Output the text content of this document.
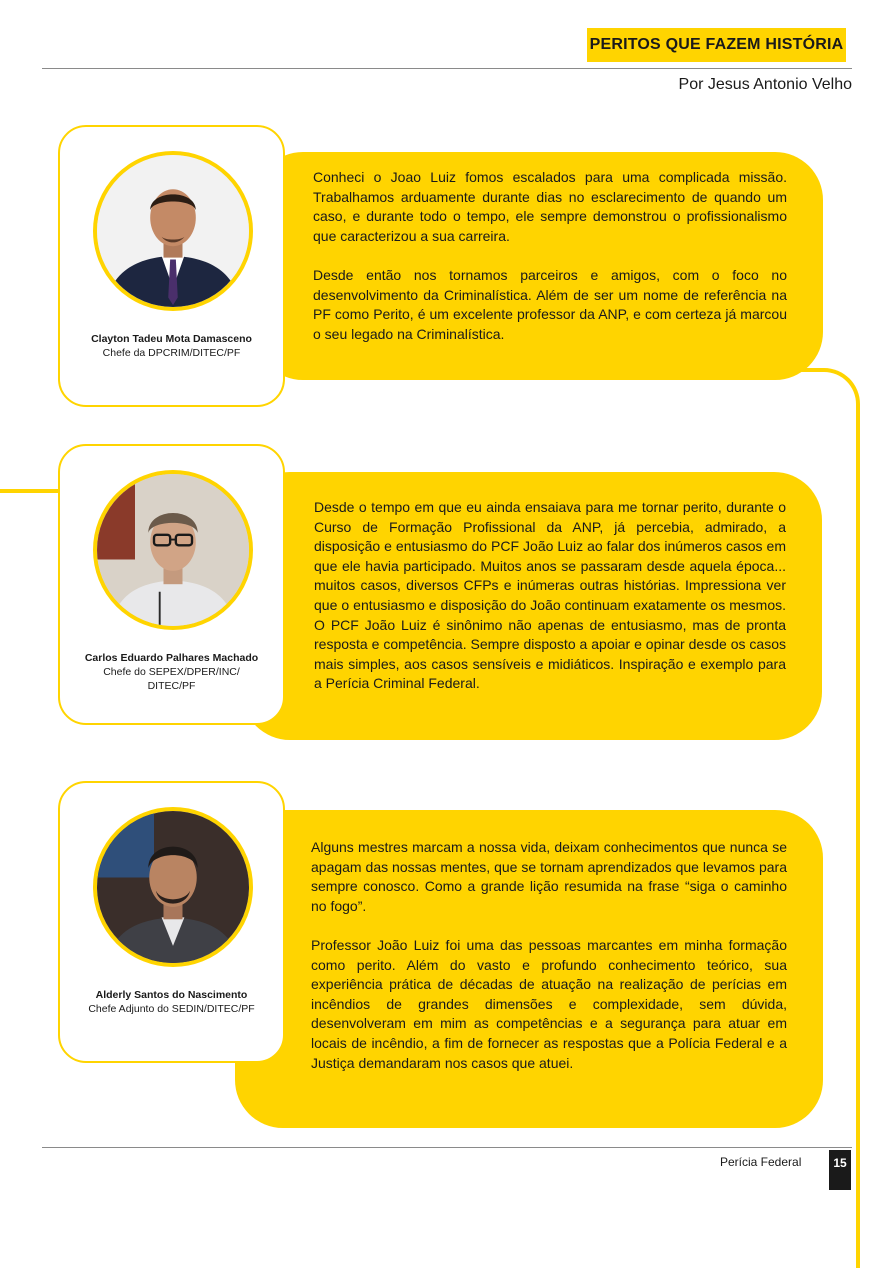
PERITOS QUE FAZEM HISTÓRIA
Por Jesus Antonio Velho

Conheci o Joao Luiz fomos escalados para uma complicada missão. Trabalhamos arduamente durante dias no esclarecimento de quando um caso, e durante todo o tempo, ele sempre demonstrou o profissionalismo que caracterizou a sua carreira.

Desde então nos tornamos parceiros e amigos, com o foco no desenvolvimento da Criminalística. Além de ser um nome de referência na PF como Perito, é um excelente professor da ANP, e com certeza já marcou o seu legado na Criminalística.

Clayton Tadeu Mota Damasceno
Chefe da DPCRIM/DITEC/PF

Desde o tempo em que eu ainda ensaiava para me tornar perito, durante o Curso de Formação Profissional da ANP, já percebia, admirado, a disposição e entusiasmo do PCF João Luiz ao falar dos inúmeros casos em que ele havia participado. Muitos anos se passaram desde aquela época... muitos casos, diversos CFPs e inúmeras outras histórias. Impressiona ver que o entusiasmo e disposição do João continuam exatamente os mesmos. O PCF João Luiz é sinônimo não apenas de entusiasmo, mas de pronta resposta e competência. Sempre disposto a apoiar e opinar desde os casos mais simples, aos casos sensíveis e midiáticos. Inspiração e exemplo para a Perícia Criminal Federal.

Carlos Eduardo Palhares Machado
Chefe do SEPEX/DPER/INC/ DITEC/PF

Alguns mestres marcam a nossa vida, deixam conhecimentos que nunca se apagam das nossas mentes, que se tornam aprendizados que levamos para sempre conosco. Como a grande lição resumida na frase “siga o caminho no fogo”.

Professor João Luiz foi uma das pessoas marcantes em minha formação como perito. Além do vasto e profundo conhecimento teórico, sua experiência prática de décadas de atuação na realização de perícias em incêndios de grandes dimensões e complexidade, sem dúvida, desenvolveram em mim as competências e a segurança para atuar em locais de incêndio, a fim de fornecer as respostas que a Polícia Federal e a Justiça demandaram nos casos que atuei.

Alderly Santos do Nascimento
Chefe Adjunto do SEDIN/DITEC/PF
Perícia Federal	15
